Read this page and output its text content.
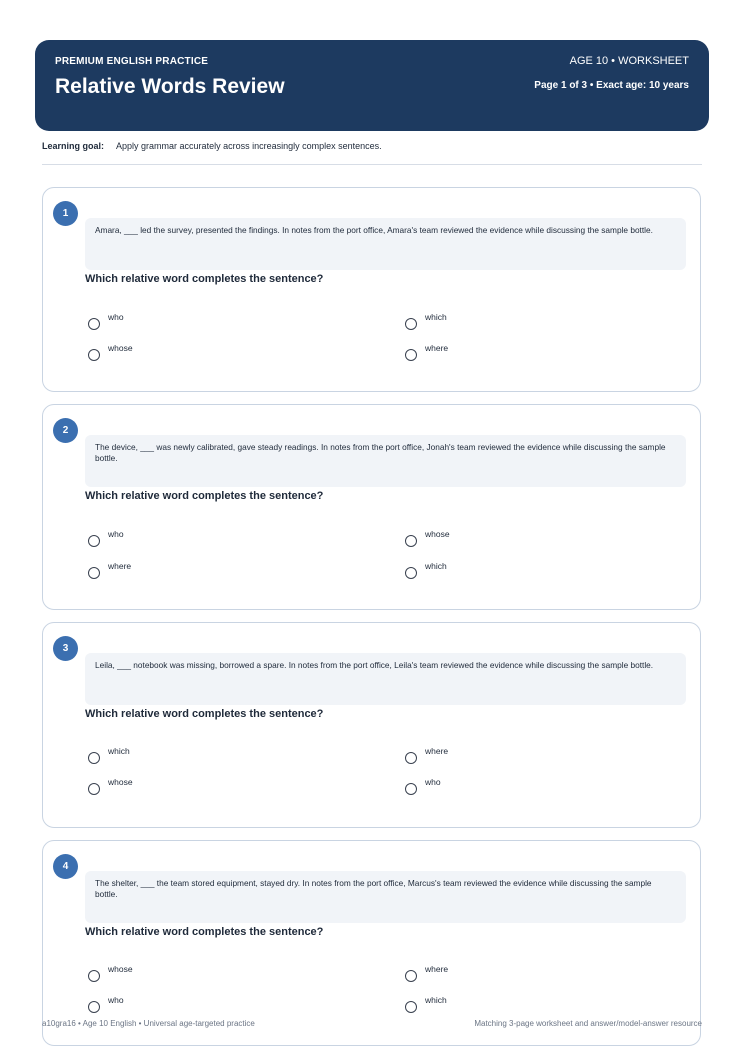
PREMIUM ENGLISH PRACTICE
Relative Words Review
AGE 10 • WORKSHEET
Page 1 of 3 • Exact age: 10 years
Learning goal: Apply grammar accurately across increasingly complex sentences.
1
Amara, ___ led the survey, presented the findings. In notes from the port office, Amara's team reviewed the evidence while discussing the sample bottle.
Which relative word completes the sentence?
who	which
whose	where
2
The device, ___ was newly calibrated, gave steady readings. In notes from the port office, Jonah's team reviewed the evidence while discussing the sample bottle.
Which relative word completes the sentence?
who	whose
where	which
3
Leila, ___ notebook was missing, borrowed a spare. In notes from the port office, Leila's team reviewed the evidence while discussing the sample bottle.
Which relative word completes the sentence?
which	where
whose	who
4
The shelter, ___ the team stored equipment, stayed dry. In notes from the port office, Marcus's team reviewed the evidence while discussing the sample bottle.
Which relative word completes the sentence?
whose	where
who	which
a10gra16 • Age 10 English • Universal age-targeted practice	Matching 3-page worksheet and answer/model-answer resource
